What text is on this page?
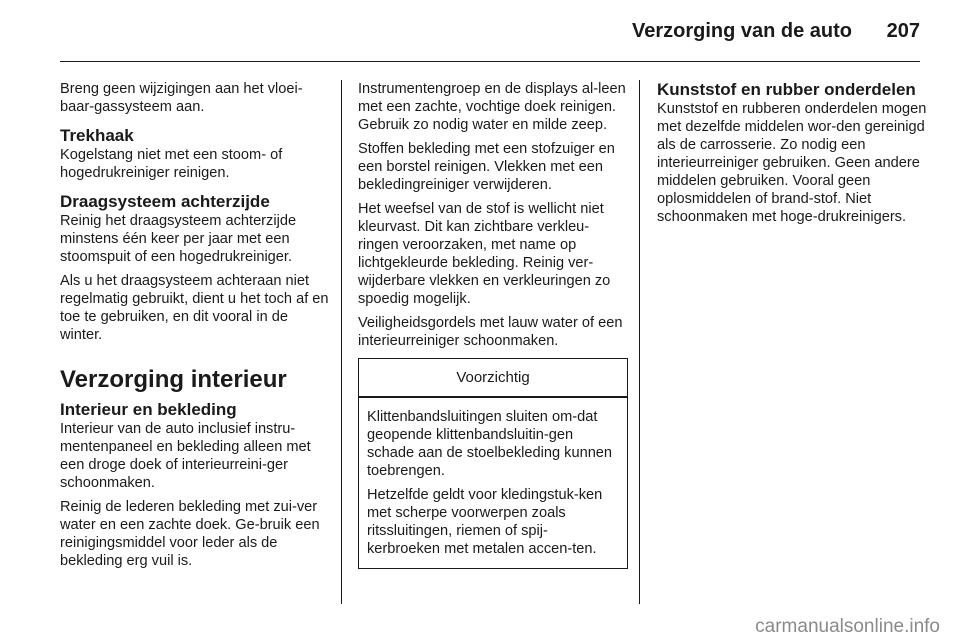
Verzorging van de auto 207

Breng geen wijzigingen aan het vloei-baar-gassysteem aan.

Trekhaak

Kogelstang niet met een stoom- of hogedrukreiniger reinigen.

Draagsysteem achterzijde

Reinig het draagsysteem achterzijde minstens één keer per jaar met een stoomspuit of een hogedrukreiniger.

Als u het draagsysteem achteraan niet regelmatig gebruikt, dient u het toch af en toe te gebruiken, en dit vooral in de winter.

Verzorging interieur
Interieur en bekleding

Interieur van de auto inclusief instru-mentenpaneel en bekleding alleen met een droge doek of interieurreini-ger schoonmaken.

Reinig de lederen bekleding met zui-ver water en een zachte doek. Ge-bruik een reinigingsmiddel voor leder als de bekleding erg vuil is.

Instrumentengroep en de displays al-leen met een zachte, vochtige doek reinigen. Gebruik zo nodig water en milde zeep.

Stoffen bekleding met een stofzuiger en een borstel reinigen. Vlekken met een bekledingreiniger verwijderen.

Het weefsel van de stof is wellicht niet kleurvast. Dit kan zichtbare verkleu-ringen veroorzaken, met name op lichtgekleurde bekleding. Reinig ver-wijderbare vlekken en verkleuringen zo spoedig mogelijk.

Veiligheidsgordels met lauw water of een interieurreiniger schoonmaken.

Voorzichtig

Klittenbandsluitingen sluiten om-dat geopende klittenbandsluitin-gen schade aan de stoelbekleding kunnen toebrengen.

Hetzelfde geldt voor kledingstuk-ken met scherpe voorwerpen zoals ritssluitingen, riemen of spij-kerbroeken met metalen accen-ten.

Kunststof en rubber onderdelen

Kunststof en rubberen onderdelen mogen met dezelfde middelen wor-den gereinigd als de carrosserie. Zo nodig een interieurreiniger gebruiken. Geen andere middelen gebruiken. Vooral geen oplosmiddelen of brand-stof. Niet schoonmaken met hoge-drukreinigers.

carmanualsonline.info
